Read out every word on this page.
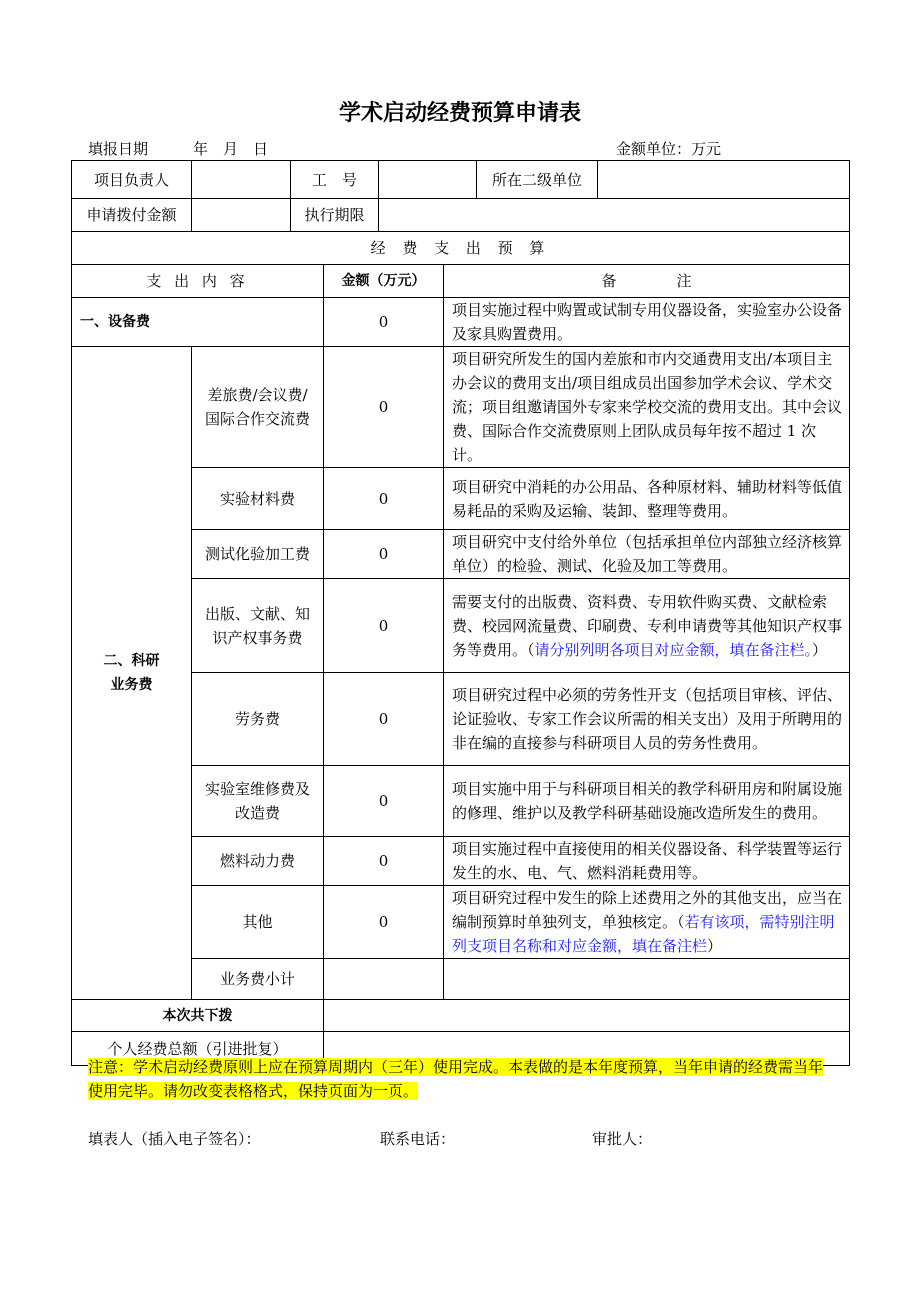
学术启动经费预算申请表
填报日期　　　年　月　日	金额单位：万元
项目负责人		工　号				所在二级单位	
申请拨付金额		执行期限					
经 费 支 出 预 算							
支 出 内 容			金额（万元）		备　　　　注		
一、设备费			0		项目实施过程中购置或试制专用仪器设备，实验室办公设备及家具购置费用。		
二、科研业务费	差旅费/会议费/国际合作交流费		0		项目研究所发生的国内差旅和市内交通费用支出/本项目主办会议的费用支出/项目组成员出国参加学术会议、学术交流；项目组邀请国外专家来学校交流的费用支出。其中会议费、国际合作交流费原则上团队成员每年按不超过 1 次计。		
	实验材料费		0		项目研究中消耗的办公用品、各种原材料、辅助材料等低值易耗品的采购及运输、装卸、整理等费用。		
	测试化验加工费		0		项目研究中支付给外单位（包括承担单位内部独立经济核算单位）的检验、测试、化验及加工等费用。		
	出版、文献、知识产权事务费		0		需要支付的出版费、资料费、专用软件购买费、文献检索费、校园网流量费、印刷费、专利申请费等其他知识产权事务等费用。（请分别列明各项目对应金额，填在备注栏。）		
	劳务费		0		项目研究过程中必须的劳务性开支（包括项目审核、评估、论证验收、专家工作会议所需的相关支出）及用于所聘用的非在编的直接参与科研项目人员的劳务性费用。		
	实验室维修费及改造费		0		项目实施中用于与科研项目相关的教学科研用房和附属设施的修理、维护以及教学科研基础设施改造所发生的费用。		
	燃料动力费		0		项目实施过程中直接使用的相关仪器设备、科学装置等运行发生的水、电、气、燃料消耗费用等。		
	其他		0		项目研究过程中发生的除上述费用之外的其他支出，应当在编制预算时单独列支，单独核定。（若有该项，需特别注明列支项目名称和对应金额，填在备注栏）		
	业务费小计						
本次共下拨							
个人经费总额（引进批复）							
注意：学术启动经费原则上应在预算周期内（三年）使用完成。本表做的是本年度预算，当年申请的经费需当年使用完毕。请勿改变表格格式，保持页面为一页。
填表人（插入电子签名）：	联系电话：	审批人：
